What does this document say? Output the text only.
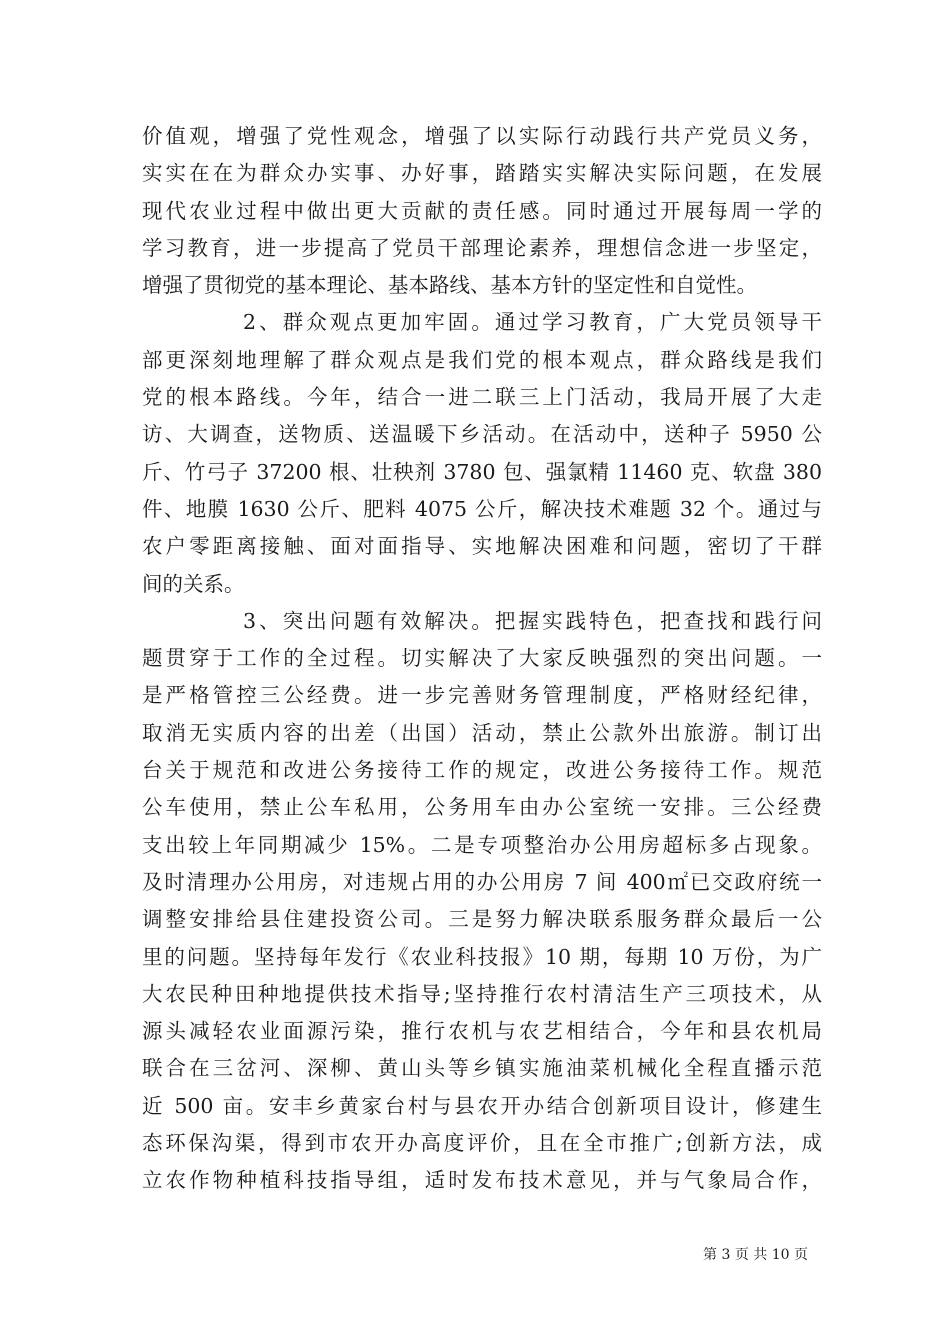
价值观，增强了党性观念，增强了以实际行动践行共产党员义务，
实实在在为群众办实事、办好事，踏踏实实解决实际问题，在发展
现代农业过程中做出更大贡献的责任感。同时通过开展每周一学的
学习教育，进一步提高了党员干部理论素养，理想信念进一步坚定，
增强了贯彻党的基本理论、基本路线、基本方针的坚定性和自觉性。
2、群众观点更加牢固。通过学习教育，广大党员领导干
部更深刻地理解了群众观点是我们党的根本观点，群众路线是我们
党的根本路线。今年，结合一进二联三上门活动，我局开展了大走
访、大调查，送物质、送温暖下乡活动。在活动中，送种子 5950 公
斤、竹弓子 37200 根、壮秧剂 3780 包、强氯精 11460 克、软盘 380
件、地膜 1630 公斤、肥料 4075 公斤，解决技术难题 32 个。通过与
农户零距离接触、面对面指导、实地解决困难和问题，密切了干群
间的关系。
3、突出问题有效解决。把握实践特色，把查找和践行问
题贯穿于工作的全过程。切实解决了大家反映强烈的突出问题。一
是严格管控三公经费。进一步完善财务管理制度，严格财经纪律，
取消无实质内容的出差（出国）活动，禁止公款外出旅游。制订出
台关于规范和改进公务接待工作的规定，改进公务接待工作。规范
公车使用，禁止公车私用，公务用车由办公室统一安排。三公经费
支出较上年同期减少 15%。二是专项整治办公用房超标多占现象。
及时清理办公用房，对违规占用的办公用房 7 间 400㎡已交政府统一
调整安排给县住建投资公司。三是努力解决联系服务群众最后一公
里的问题。坚持每年发行《农业科技报》10 期，每期 10 万份，为广
大农民种田种地提供技术指导;坚持推行农村清洁生产三项技术，从
源头减轻农业面源污染，推行农机与农艺相结合，今年和县农机局
联合在三岔河、深柳、黄山头等乡镇实施油菜机械化全程直播示范
近 500 亩。安丰乡黄家台村与县农开办结合创新项目设计，修建生
态环保沟渠，得到市农开办高度评价，且在全市推广;创新方法，成
立农作物种植科技指导组，适时发布技术意见，并与气象局合作，
第 3 页 共 10 页
